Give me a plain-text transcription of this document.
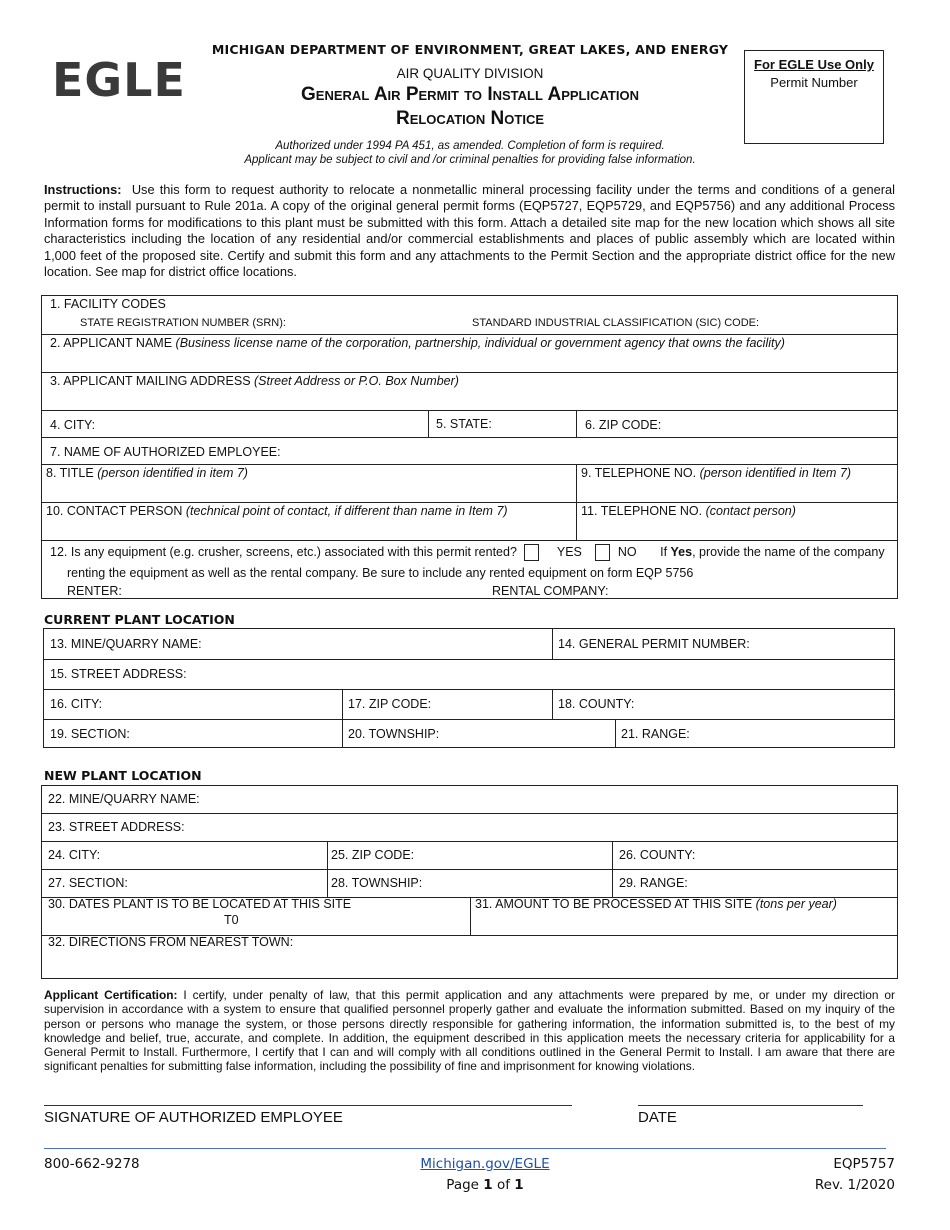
EGLE
MICHIGAN DEPARTMENT OF ENVIRONMENT, GREAT LAKES, AND ENERGY
AIR QUALITY DIVISION
General Air Permit to Install Application
Relocation Notice
Authorized under 1994 PA 451, as amended. Completion of form is required.
Applicant may be subject to civil and /or criminal penalties for providing false information.
For EGLE Use Only
Permit Number
Instructions: Use this form to request authority to relocate a nonmetallic mineral processing facility under the terms and conditions of a general permit to install pursuant to Rule 201a. A copy of the original general permit forms (EQP5727, EQP5729, and EQP5756) and any additional Process Information forms for modifications to this plant must be submitted with this form. Attach a detailed site map for the new location which shows all site characteristics including the location of any residential and/or commercial establishments and places of public assembly which are located within 1,000 feet of the proposed site. Certify and submit this form and any attachments to the Permit Section and the appropriate district office for the new location. See map for district office locations.
1. FACILITY CODES
STATE REGISTRATION NUMBER (SRN):	STANDARD INDUSTRIAL CLASSIFICATION (SIC) CODE:
2. APPLICANT NAME (Business license name of the corporation, partnership, individual or government agency that owns the facility)
3. APPLICANT MAILING ADDRESS (Street Address or P.O. Box Number)
4. CITY:	5. STATE:	6. ZIP CODE:
7. NAME OF AUTHORIZED EMPLOYEE:
8. TITLE (person identified in item 7)	9. TELEPHONE NO. (person identified in Item 7)
10. CONTACT PERSON (technical point of contact, if different than name in Item 7)	11. TELEPHONE NO. (contact person)
12. Is any equipment (e.g. crusher, screens, etc.) associated with this permit rented?	YES	NO If Yes, provide the name of the company
renting the equipment as well as the rental company. Be sure to include any rented equipment on form EQP 5756
RENTER:	RENTAL COMPANY:
CURRENT PLANT LOCATION
13. MINE/QUARRY NAME:	14. GENERAL PERMIT NUMBER:
15. STREET ADDRESS:
16. CITY:	17. ZIP CODE:	18. COUNTY:
19. SECTION:	20. TOWNSHIP:	21. RANGE:
NEW PLANT LOCATION
22. MINE/QUARRY NAME:
23. STREET ADDRESS:
24. CITY:	25. ZIP CODE:	26. COUNTY:
27. SECTION:	28. TOWNSHIP:	29. RANGE:
30. DATES PLANT IS TO BE LOCATED AT THIS SITE
T0
31. AMOUNT TO BE PROCESSED AT THIS SITE (tons per year)
32. DIRECTIONS FROM NEAREST TOWN:
Applicant Certification: I certify, under penalty of law, that this permit application and any attachments were prepared by me, or under my direction or supervision in accordance with a system to ensure that qualified personnel properly gather and evaluate the information submitted. Based on my inquiry of the person or persons who manage the system, or those persons directly responsible for gathering information, the information submitted is, to the best of my knowledge and belief, true, accurate, and complete. In addition, the equipment described in this application meets the necessary criteria for applicability for a General Permit to Install. Furthermore, I certify that I can and will comply with all conditions outlined in the General Permit to Install. I am aware that there are significant penalties for submitting false information, including the possibility of fine and imprisonment for knowing violations.
SIGNATURE OF AUTHORIZED EMPLOYEE	DATE
800-662-9278	Michigan.gov/EGLE
Page 1 of 1
EQP5757
Rev. 1/2020
